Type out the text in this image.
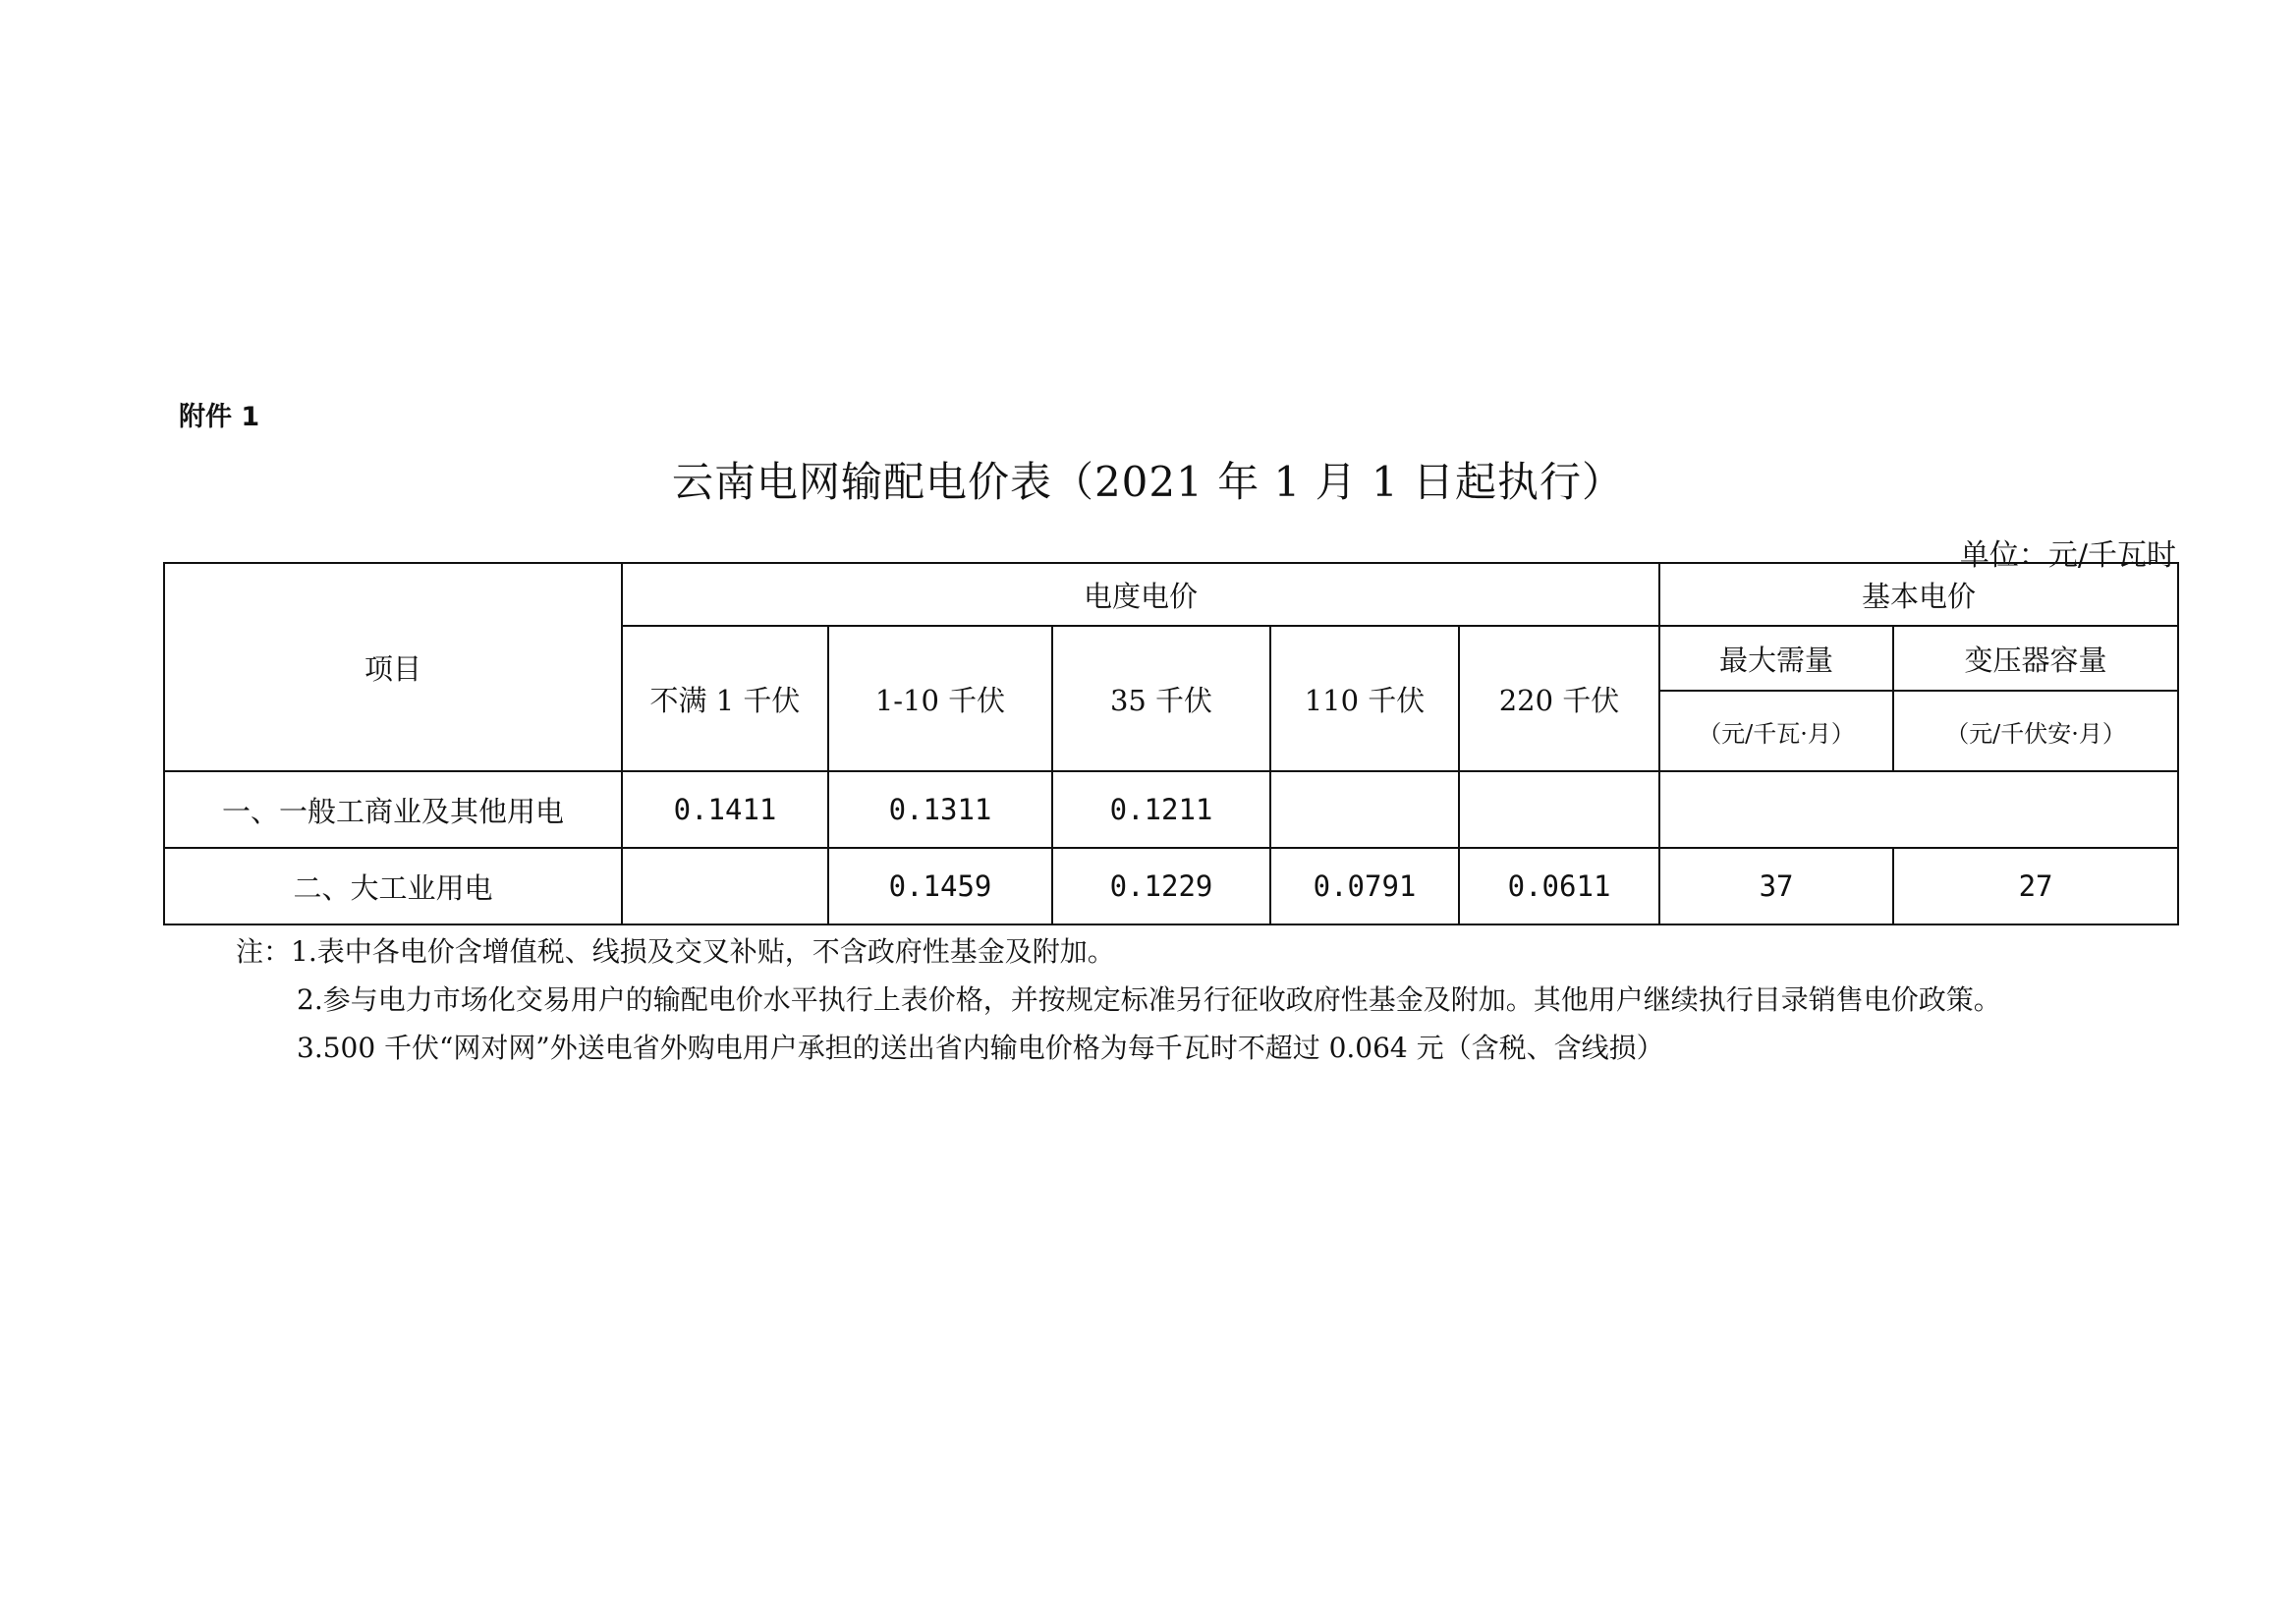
附件 1
云南电网输配电价表（2021 年 1 月 1 日起执行）
单位：元/千瓦时
项目	电度电价					基本电价	
	不满 1 千伏	1-10 千伏	35 千伏	110 千伏	220 千伏	最大需量	变压器容量
						（元/千瓦·月）	（元/千伏安·月）
一、一般工商业及其他用电	0.1411	0.1311	0.1211				
二、大工业用电		0.1459	0.1229	0.0791	0.0611	37	27
注：1.表中各电价含增值税、线损及交叉补贴，不含政府性基金及附加。
2.参与电力市场化交易用户的输配电价水平执行上表价格，并按规定标准另行征收政府性基金及附加。其他用户继续执行目录销售电价政策。
3.500 千伏“网对网”外送电省外购电用户承担的送出省内输电价格为每千瓦时不超过 0.064 元（含税、含线损）
